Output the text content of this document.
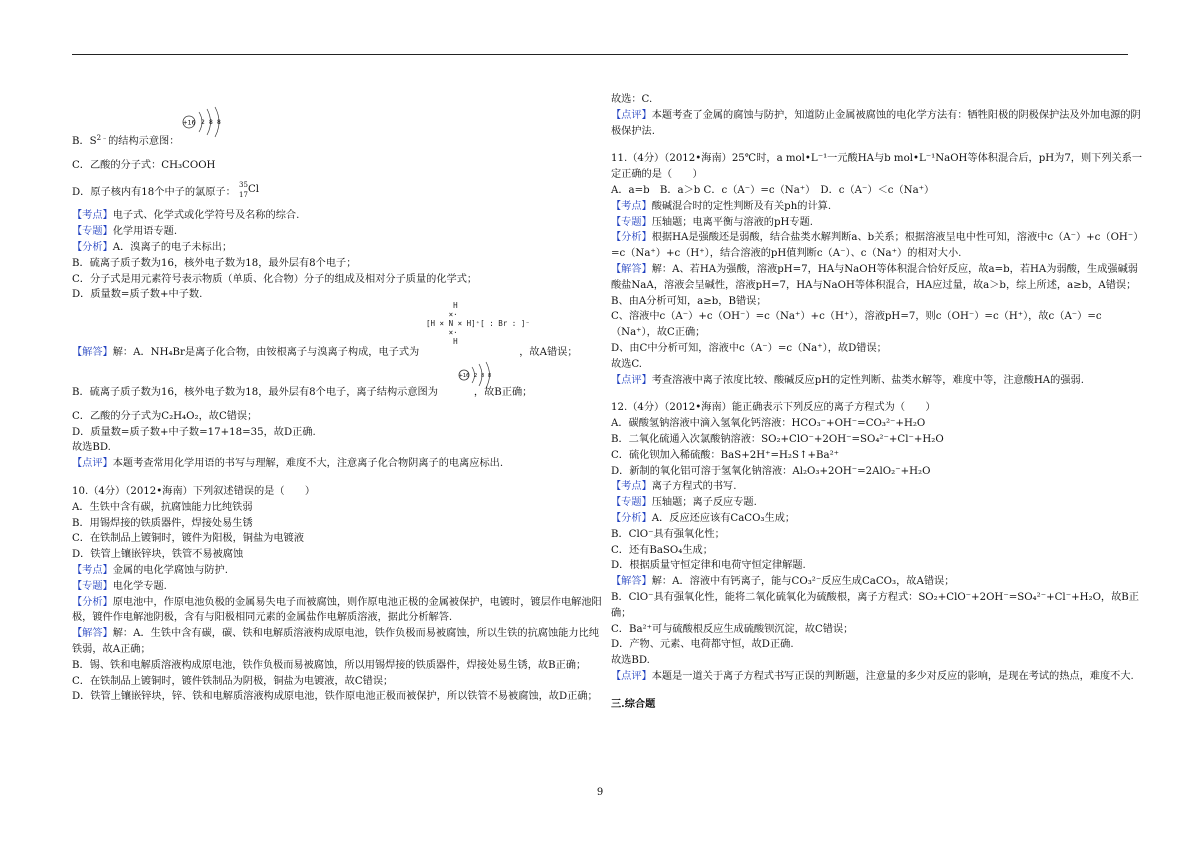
B．$S^{2﹣}$的结构示意图：
+16 2 8 8

C．乙酸的分子式：CH₃COOH

D．原子核内有18个中子的氯原子：
35
17 Cl

【考点】电子式、化学式或化学符号及名称的综合.

【专题】化学用语专题.

【分析】A．溴离子的电子未标出；

B．硫离子质子数为16，核外电子数为18，最外层有8个电子；

C．分子式是用元素符号表示物质（单质、化合物）分子的组成及相对分子质量的化学式；

D．质量数=质子数+中子数.

H
×·
[H × N × H]⁺[ : Br : ]⁻
×·
H

【解答】解：A．NH₄Br是离子化合物，由铵根离子与溴离子构成，电子式为	，故A错误；

+16 2 8 8

B．硫离子质子数为16，核外电子数为18，最外层有8个电子，离子结构示意图为	，故B正确；

C．乙酸的分子式为C₂H₄O₂，故C错误；

D．质量数=质子数+中子数=17+18=35，故D正确.

故选BD.

【点评】本题考查常用化学用语的书写与理解，难度不大，注意离子化合物阴离子的电离应标出.

10.（4分）（2012•海南）下列叙述错误的是（　　）

A．生铁中含有碳，抗腐蚀能力比纯铁弱

B．用锡焊接的铁质器件，焊接处易生锈

C．在铁制品上镀铜时，镀件为阳极，铜盐为电镀液

D．铁管上镶嵌锌块，铁管不易被腐蚀

【考点】金属的电化学腐蚀与防护.

【专题】电化学专题.

【分析】原电池中，作原电池负极的金属易失电子而被腐蚀，则作原电池正极的金属被保护，电镀时，镀层作电解池阳极，镀件作电解池阴极，含有与阳极相同元素的金属盐作电解质溶液，据此分析解答.

【解答】解：A．生铁中含有碳，碳、铁和电解质溶液构成原电池，铁作负极而易被腐蚀，所以生铁的抗腐蚀能力比纯铁弱，故A正确；

B．锡、铁和电解质溶液构成原电池，铁作负极而易被腐蚀，所以用锡焊接的铁质器件，焊接处易生锈，故B正确；

C．在铁制品上镀铜时，镀件铁制品为阴极，铜盐为电镀液，故C错误；

D．铁管上镶嵌锌块，锌、铁和电解质溶液构成原电池，铁作原电池正极而被保护，所以铁管不易被腐蚀，故D正确；

故选：C.

【点评】本题考查了金属的腐蚀与防护，知道防止金属被腐蚀的电化学方法有：牺牲阳极的阴极保护法及外加电源的阴极保护法.

11.（4分）（2012•海南）25℃时，a mol•L⁻¹一元酸HA与b mol•L⁻¹NaOH等体积混合后，pH为7，则下列关系一定正确的是（　　）

A．a=b　B．a＞b C．c（A⁻）=c（Na⁺）　D．c（A⁻）＜c（Na⁺）

【考点】酸碱混合时的定性判断及有关ph的计算.

【专题】压轴题；电离平衡与溶液的pH专题.

【分析】根据HA是强酸还是弱酸，结合盐类水解判断a、b关系；根据溶液呈电中性可知，溶液中c（A⁻）+c（OH⁻）=c（Na⁺）+c（H⁺），结合溶液的pH值判断c（A⁻）、c（Na⁺）的相对大小.

【解答】解：A、若HA为强酸，溶液pH=7，HA与NaOH等体积混合恰好反应，故a=b，若HA为弱酸，生成强碱弱酸盐NaA，溶液会呈碱性，溶液pH=7，HA与NaOH等体积混合，HA应过量，故a＞b，综上所述，a≥b，A错误；

B、由A分析可知，a≥b，B错误；

C、溶液中c（A⁻）+c（OH⁻）=c（Na⁺）+c（H⁺），溶液pH=7，则c（OH⁻）=c（H⁺），故c（A⁻）=c（Na⁺），故C正确；

D、由C中分析可知，溶液中c（A⁻）=c（Na⁺），故D错误；

故选C.

【点评】考查溶液中离子浓度比较、酸碱反应pH的定性判断、盐类水解等，难度中等，注意酸HA的强弱.

12.（4分）（2012•海南）能正确表示下列反应的离子方程式为（　　）

A．碳酸氢钠溶液中滴入氢氧化钙溶液：HCO₃⁻+OH⁻=CO₃²⁻+H₂O

B．二氧化硫通入次氯酸钠溶液：SO₂+ClO⁻+2OH⁻=SO₄²⁻+Cl⁻+H₂O

C．硫化钡加入稀硫酸：BaS+2H⁺=H₂S↑+Ba²⁺

D．新制的氧化铝可溶于氢氧化钠溶液：Al₂O₃+2OH⁻=2AlO₂⁻+H₂O

【考点】离子方程式的书写.

【专题】压轴题；离子反应专题.

【分析】A．反应还应该有CaCO₃生成；

B．ClO⁻具有强氧化性；

C．还有BaSO₄生成；

D．根据质量守恒定律和电荷守恒定律解题.

【解答】解：A．溶液中有钙离子，能与CO₃²⁻反应生成CaCO₃，故A错误；

B．ClO⁻具有强氧化性，能将二氧化硫氧化为硫酸根，离子方程式：SO₂+ClO⁻+2OH⁻=SO₄²⁻+Cl⁻+H₂O，故B正确；

C．Ba²⁺可与硫酸根反应生成硫酸钡沉淀，故C错误；

D．产物、元素、电荷都守恒，故D正确.

故选BD.

【点评】本题是一道关于离子方程式书写正误的判断题，注意量的多少对反应的影响，是现在考试的热点，难度不大.

三.综合题

9
